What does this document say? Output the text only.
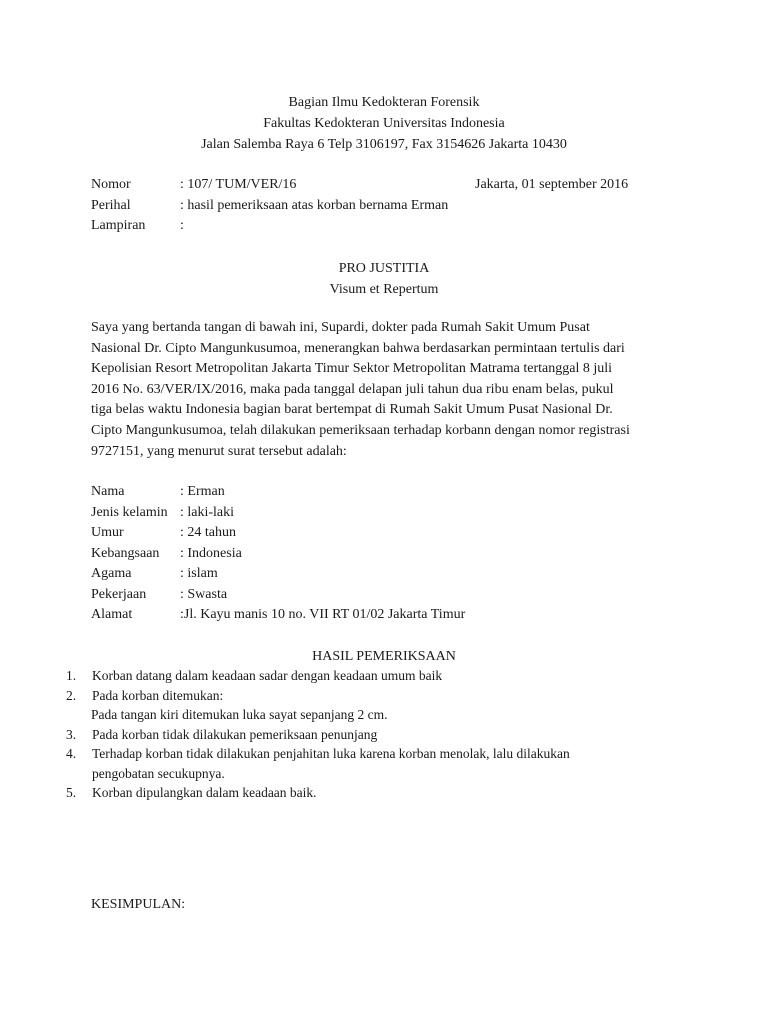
Bagian Ilmu Kedokteran Forensik
Fakultas Kedokteran Universitas Indonesia
Jalan Salemba Raya 6 Telp 3106197, Fax 3154626 Jakarta 10430
Nomor	: 107/ TUM/VER/16	Jakarta, 01 september 2016
Perihal	: hasil pemeriksaan atas korban bernama Erman
Lampiran	:
PRO JUSTITIA
Visum et Repertum
Saya yang bertanda tangan di bawah ini, Supardi, dokter pada Rumah Sakit Umum Pusat
Nasional Dr. Cipto Mangunkusumoa, menerangkan bahwa berdasarkan permintaan tertulis dari
Kepolisian Resort Metropolitan Jakarta Timur Sektor Metropolitan Matrama tertanggal 8 juli
2016 No. 63/VER/IX/2016, maka pada tanggal delapan juli tahun dua ribu enam belas, pukul
tiga belas waktu Indonesia bagian barat bertempat di Rumah Sakit Umum Pusat Nasional Dr.
Cipto Mangunkusumoa, telah dilakukan pemeriksaan terhadap korbann dengan nomor registrasi
9727151, yang menurut surat tersebut adalah:
Nama	: Erman
Jenis kelamin : laki-laki
Umur	: 24 tahun
Kebangsaan	: Indonesia
Agama	: islam
Pekerjaan	: Swasta
Alamat	:Jl. Kayu manis 10 no. VII RT 01/02 Jakarta Timur
HASIL PEMERIKSAAN
1.	Korban datang dalam keadaan sadar dengan keadaan umum baik
2.	Pada korban ditemukan:
Pada tangan kiri ditemukan luka sayat sepanjang 2 cm.
3.	Pada korban tidak dilakukan pemeriksaan penunjang
4.	Terhadap korban tidak dilakukan penjahitan luka karena korban menolak, lalu dilakukan
pengobatan secukupnya.
5.	Korban dipulangkan dalam keadaan baik.
KESIMPULAN:
